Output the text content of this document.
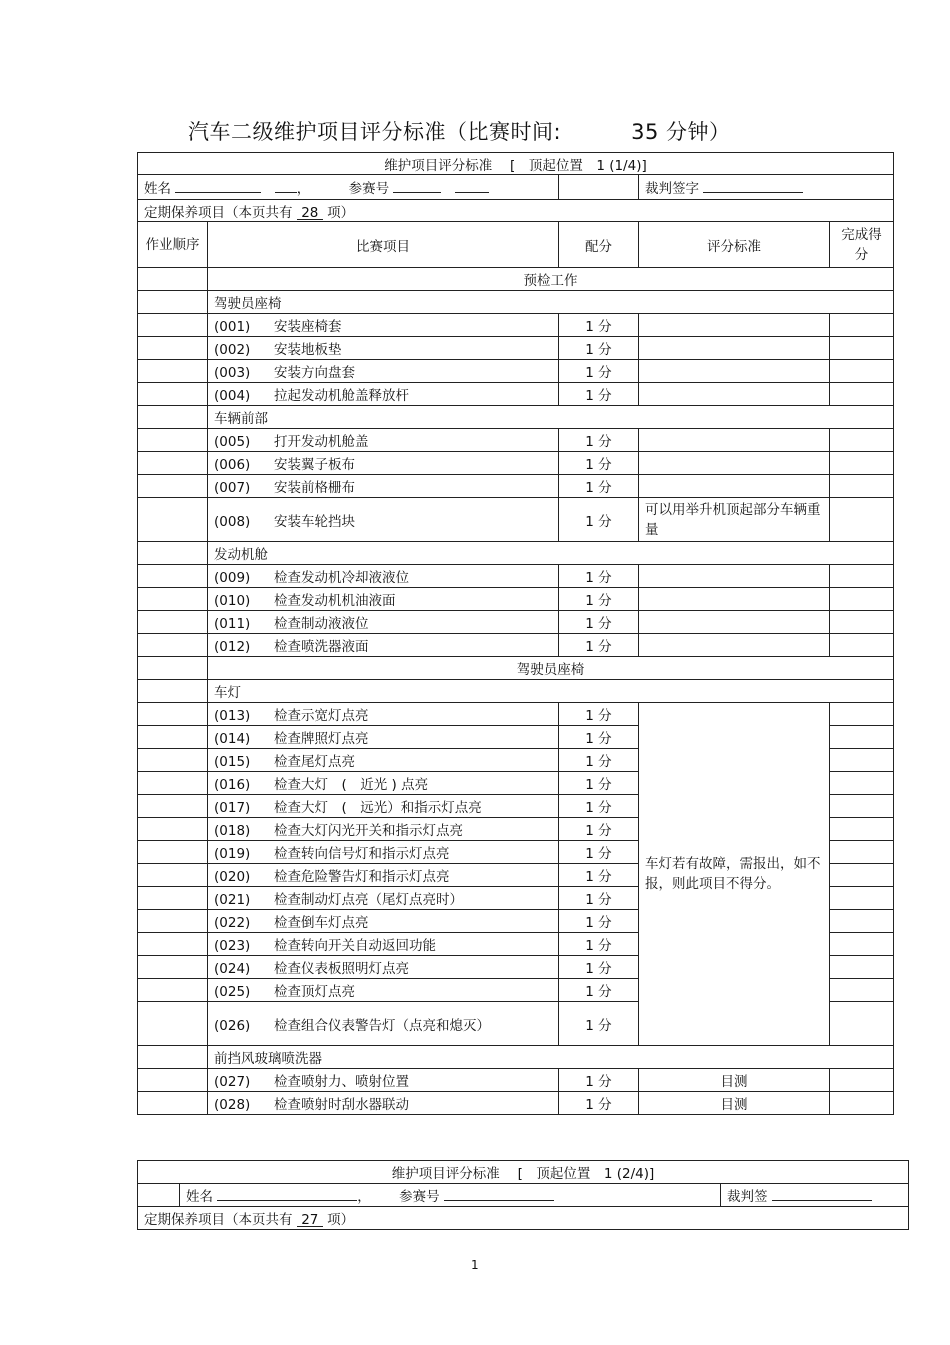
汽车二级维护项目评分标准（比赛时间:	35 分钟）
维护项目评分标准　 [　顶起位置　1 (1/4)]				
姓名 　 ， 参赛号 　			裁判签字	
定期保养项目（本页共有 28 项）				
作业顺序	比赛项目	配分	评分标准	完成得分
	预检工作			
	驾驶员座椅			
	(001) 安装座椅套	1 分		
	(002) 安装地板垫	1 分		
	(003) 安装方向盘套	1 分		
	(004) 拉起发动机舱盖释放杆	1 分		
	车辆前部			
	(005) 打开发动机舱盖	1 分		
	(006) 安装翼子板布	1 分		
	(007) 安装前格栅布	1 分		
	(008) 安装车轮挡块	1 分	可以用举升机顶起部分车辆重量	
	发动机舱			
	(009) 检查发动机冷却液液位	1 分		
	(010) 检查发动机机油液面	1 分		
	(011) 检查制动液液位	1 分		
	(012) 检查喷洗器液面	1 分		
	驾驶员座椅			
	车灯			
	(013) 检查示宽灯点亮	1 分	车灯若有故障，需报出，如不报，则此项目不得分。	
	(014) 检查牌照灯点亮	1 分		
	(015) 检查尾灯点亮	1 分		
	(016) 检查大灯　(　近光 ) 点亮	1 分		
	(017) 检查大灯　(　远光）和指示灯点亮	1 分		
	(018) 检查大灯闪光开关和指示灯点亮	1 分		
	(019) 检查转向信号灯和指示灯点亮	1 分		
	(020) 检查危险警告灯和指示灯点亮	1 分		
	(021) 检查制动灯点亮（尾灯点亮时）	1 分		
	(022) 检查倒车灯点亮	1 分		
	(023) 检查转向开关自动返回功能	1 分		
	(024) 检查仪表板照明灯点亮	1 分		
	(025) 检查顶灯点亮	1 分		
	(026) 检查组合仪表警告灯（点亮和熄灭）	1 分		
	前挡风玻璃喷洗器			
	(027) 检查喷射力、喷射位置	1 分	目测	
	(028) 检查喷射时刮水器联动	1 分	目测	
维护项目评分标准　 [　顶起位置　1 (2/4)]
	姓名	， 参赛号	裁判签
定期保养项目（本页共有 27 项）
1
